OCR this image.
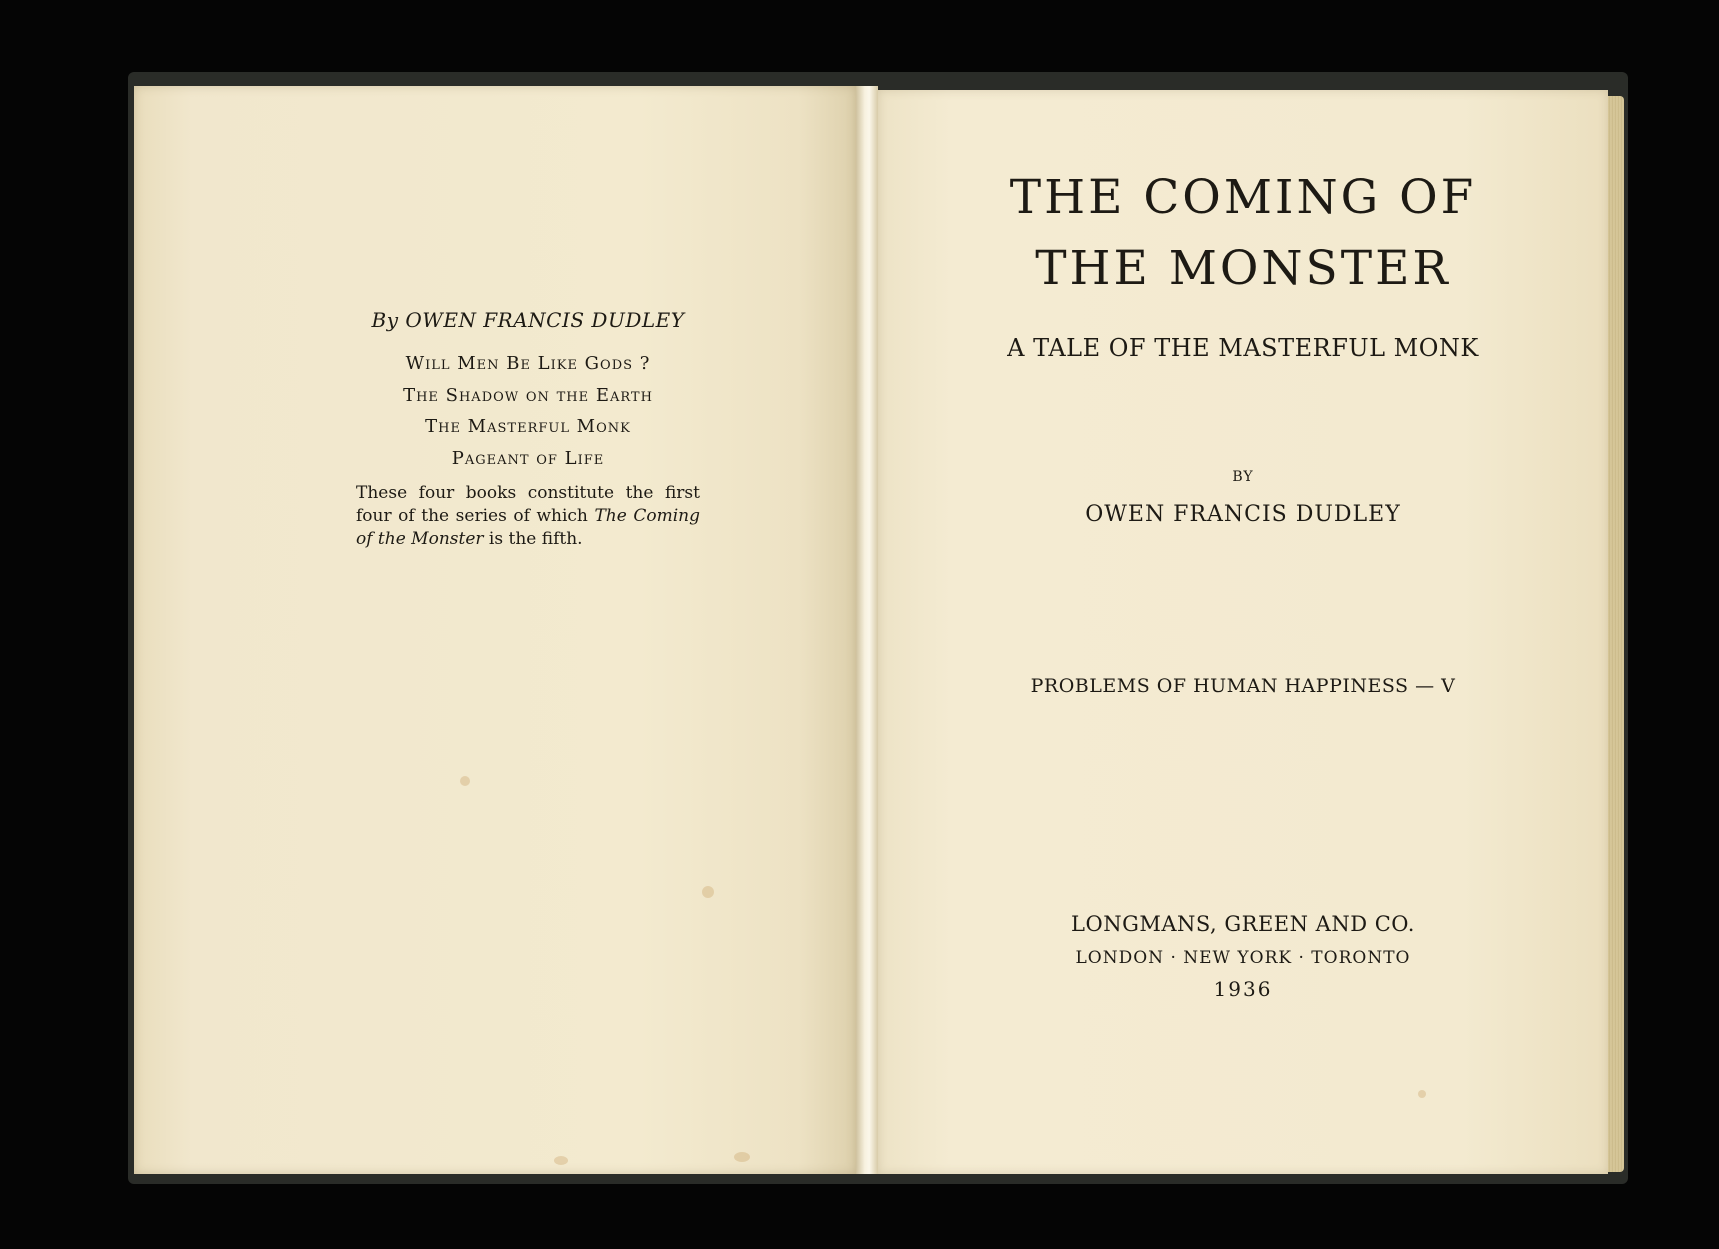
By OWEN FRANCIS DUDLEY
Will Men Be Like Gods ?
The Shadow on the Earth
The Masterful Monk
Pageant of Life

These four books constitute the first four of the series of which The Coming of the Monster is the fifth.

THE COMING OF
THE MONSTER
A TALE OF THE MASTERFUL MONK
BY
OWEN FRANCIS DUDLEY
PROBLEMS OF HUMAN HAPPINESS — V
LONGMANS, GREEN AND CO.
LONDON · NEW YORK · TORONTO
1936
